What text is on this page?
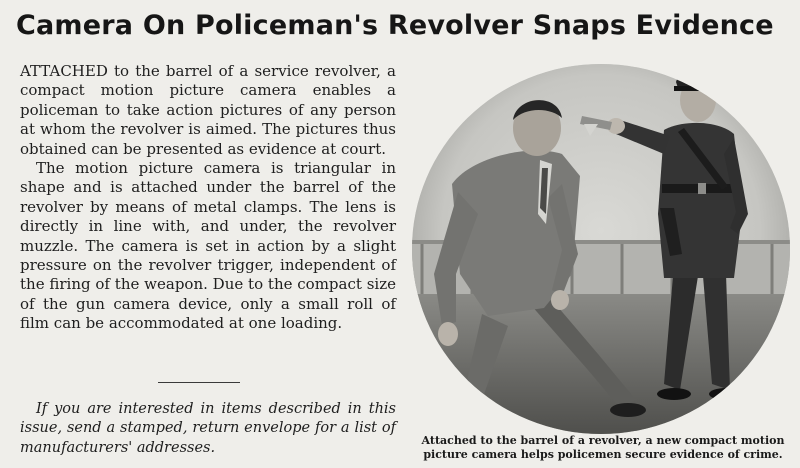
Camera On Policeman's Revolver Snaps Evidence

ATTACHED to the barrel of a service revolver, a compact motion picture camera enables a policeman to take action pictures of any person at whom the revolver is aimed. The pictures thus obtained can be presented as evidence at court.

The motion picture camera is triangular in shape and is attached under the barrel of the revolver by means of metal clamps. The lens is directly in line with, and under, the revolver muzzle. The camera is set in action by a slight pressure on the revolver trigger, independent of the firing of the weapon. Due to the compact size of the gun camera device, only a small roll of film can be accommodated at one loading.

If you are interested in items described in this issue, send a stamped, return envelope for a list of manufacturers' addresses.	Attached to the barrel of a revolver, a new compact motion picture camera helps policemen secure evidence of crime.
